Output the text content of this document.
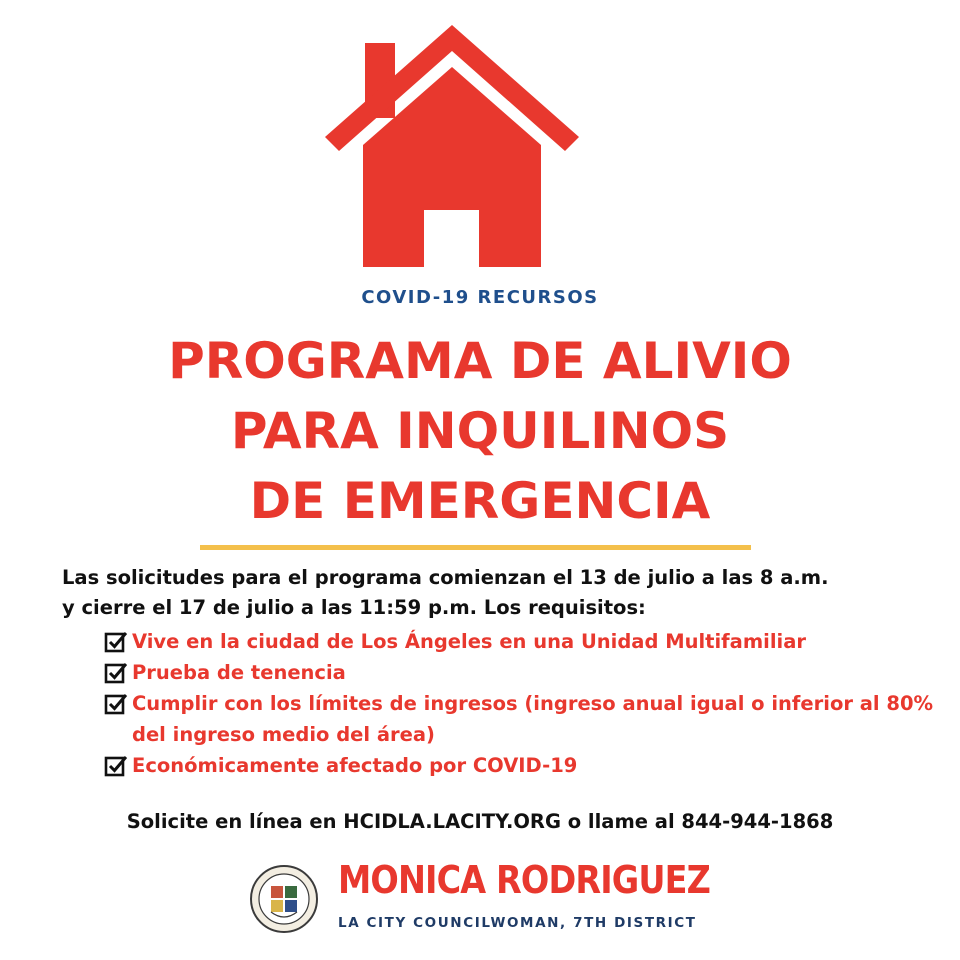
COVID-19 RECURSOS
PROGRAMA DE ALIVIO
PARA INQUILINOS
DE EMERGENCIA
Las solicitudes para el programa comienzan el 13 de julio a las 8 a.m.
y cierre el 17 de julio a las 11:59 p.m. Los requisitos:
Vive en la ciudad de Los Ángeles en una Unidad Multifamiliar
Prueba de tenencia
Cumplir con los límites de ingresos (ingreso anual igual o inferior al 80% del ingreso medio del área)
Económicamente afectado por COVID-19
Solicite en línea en HCIDLA.LACITY.ORG o llame al 844-944-1868
MONICA RODRIGUEZ
LA CITY COUNCILWOMAN, 7TH DISTRICT
